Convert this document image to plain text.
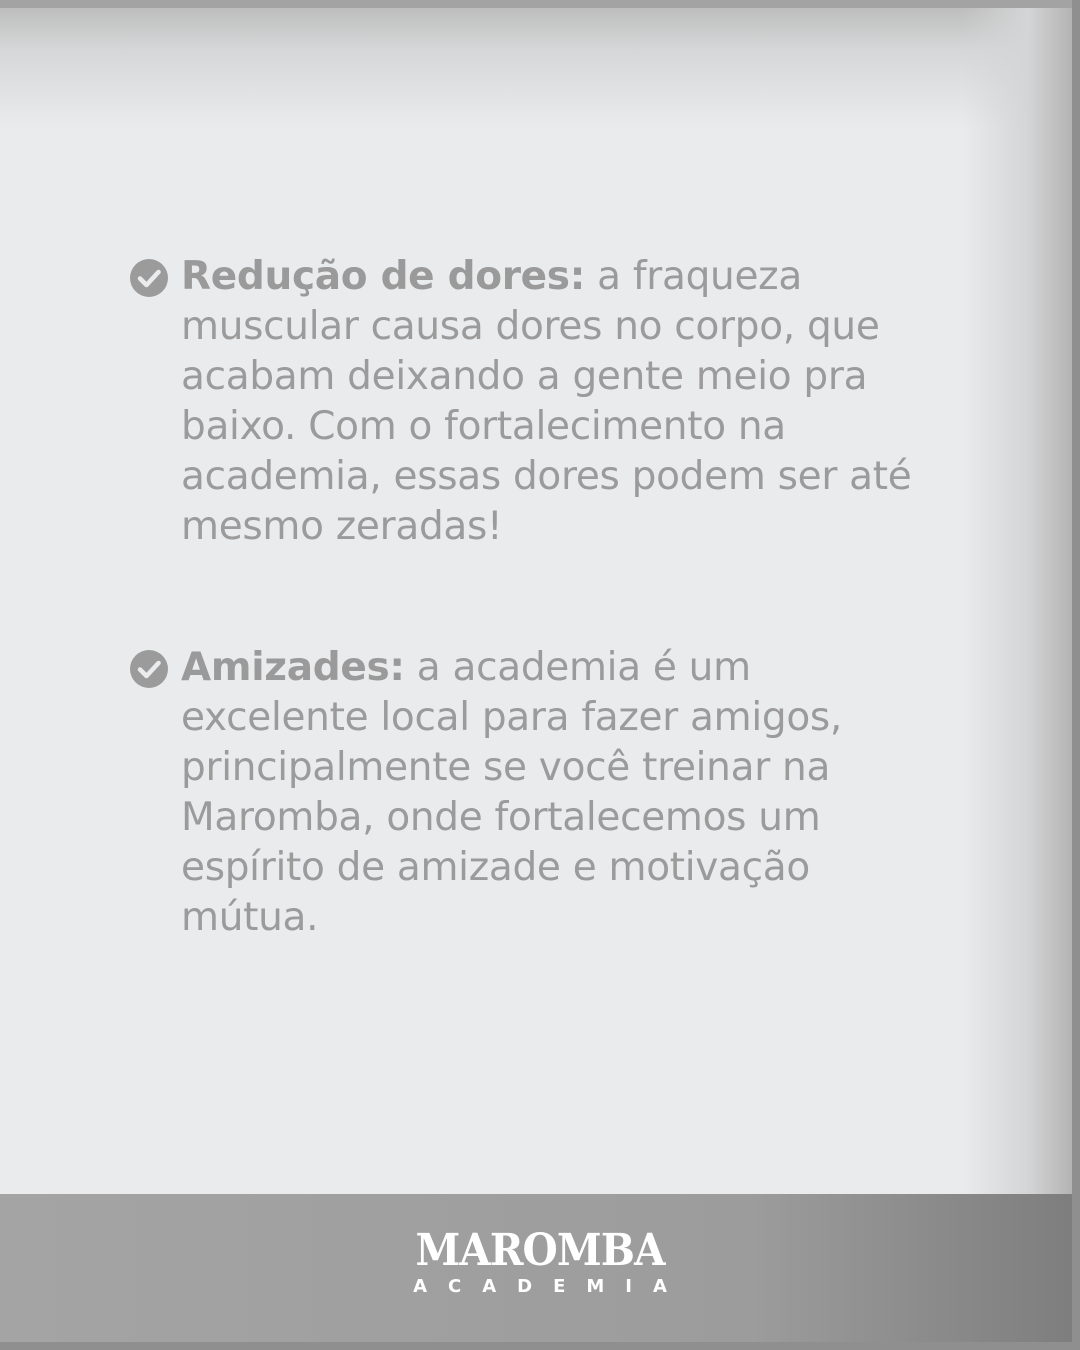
Redução de dores: a fraqueza muscular causa dores no corpo, que acabam deixando a gente meio pra baixo. Com o fortalecimento na academia, essas dores podem ser até mesmo zeradas!
Amizades: a academia é um excelente local para fazer amigos, principalmente se você treinar na Maromba, onde fortalecemos um espírito de amizade e motivação mútua.
MAROMBA
ACADEMIA
